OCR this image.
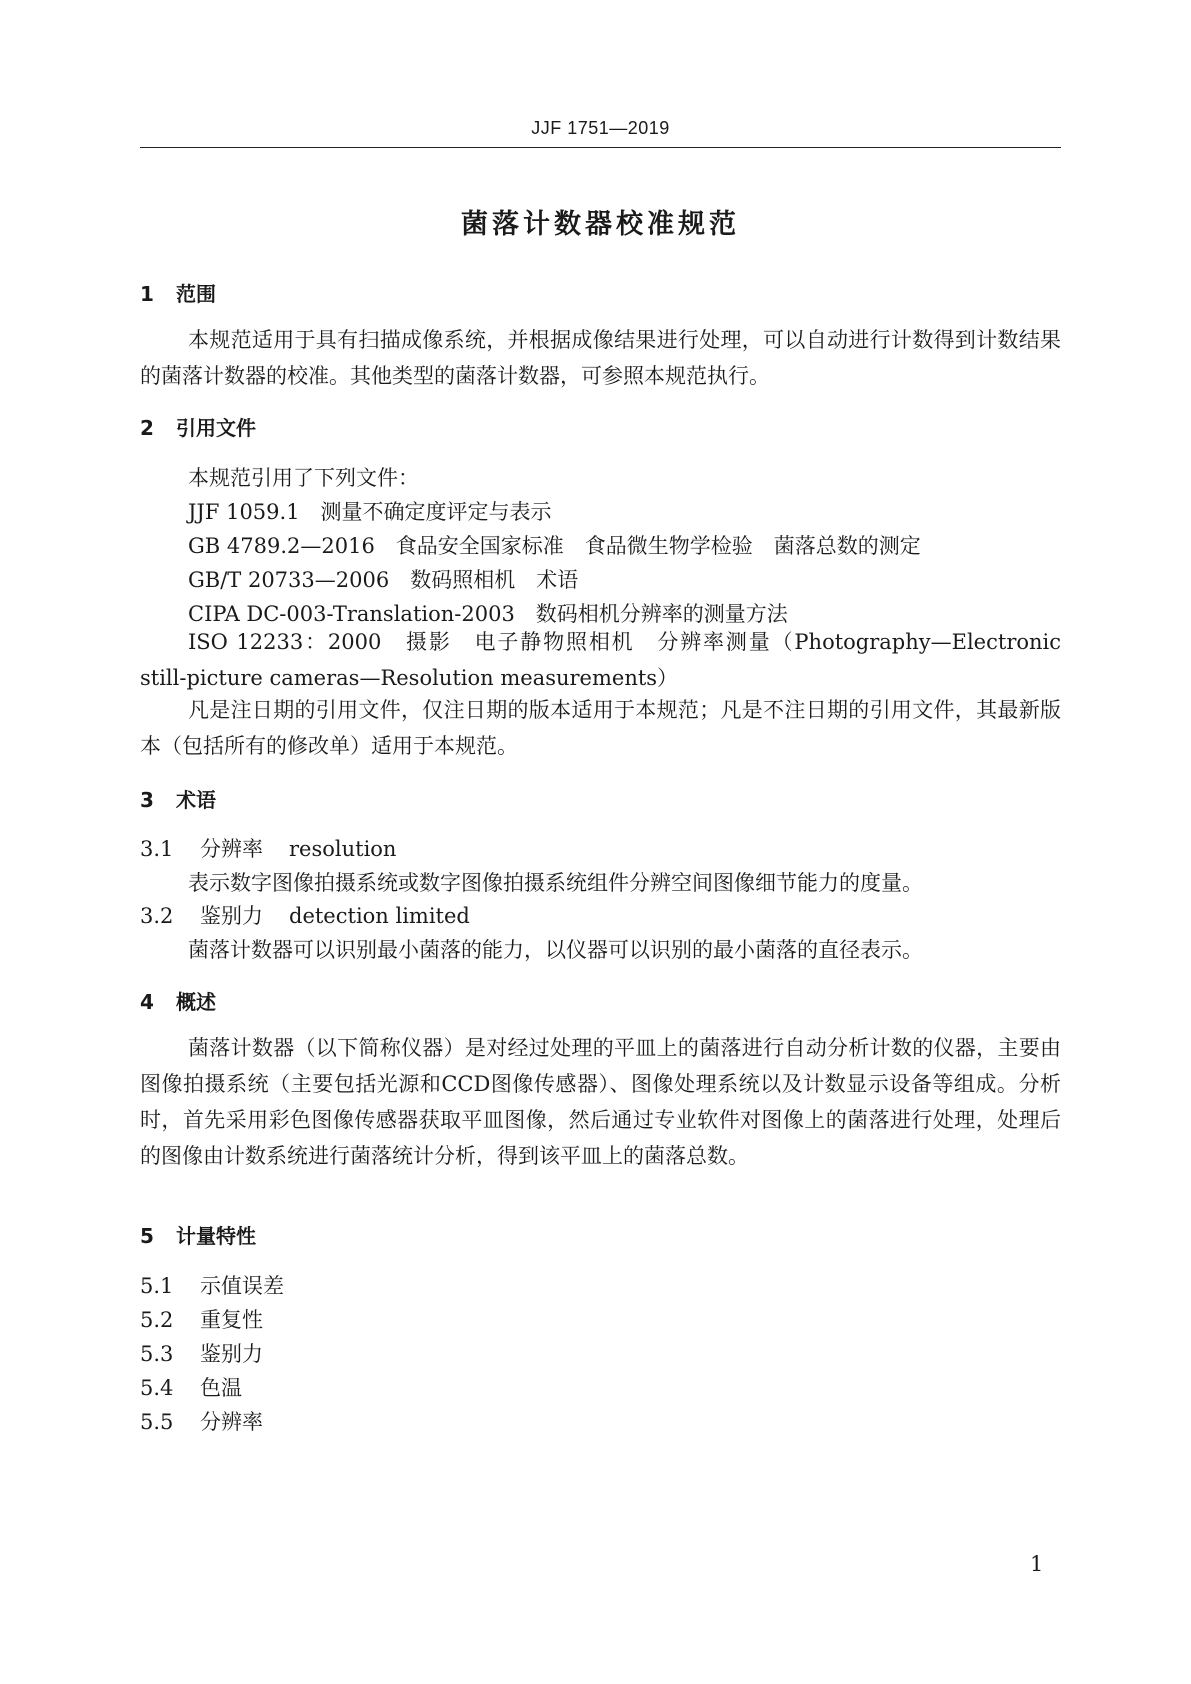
JJF 1751—2019
菌落计数器校准规范
1 范围
本规范适用于具有扫描成像系统，并根据成像结果进行处理，可以自动进行计数得到计数结果的菌落计数器的校准。其他类型的菌落计数器，可参照本规范执行。
2 引用文件
本规范引用了下列文件：
JJF 1059.1　测量不确定度评定与表示
GB 4789.2—2016　食品安全国家标准　食品微生物学检验　菌落总数的测定
GB/T 20733—2006　数码照相机　术语
CIPA DC-003-Translation-2003　数码相机分辨率的测量方法
ISO 12233：2000　摄影　电子静物照相机　分辨率测量（Photography—Electronic still-picture cameras—Resolution measurements）
凡是注日期的引用文件，仅注日期的版本适用于本规范；凡是不注日期的引用文件，其最新版本（包括所有的修改单）适用于本规范。
3 术语
3.1 分辨率 resolution
表示数字图像拍摄系统或数字图像拍摄系统组件分辨空间图像细节能力的度量。
3.2 鉴别力 detection limited
菌落计数器可以识别最小菌落的能力，以仪器可以识别的最小菌落的直径表示。
4 概述
菌落计数器（以下简称仪器）是对经过处理的平皿上的菌落进行自动分析计数的仪器，主要由图像拍摄系统（主要包括光源和CCD图像传感器）、图像处理系统以及计数显示设备等组成。分析时，首先采用彩色图像传感器获取平皿图像，然后通过专业软件对图像上的菌落进行处理，处理后的图像由计数系统进行菌落统计分析，得到该平皿上的菌落总数。
5 计量特性
5.1 示值误差
5.2 重复性
5.3 鉴别力
5.4 色温
5.5 分辨率
1
